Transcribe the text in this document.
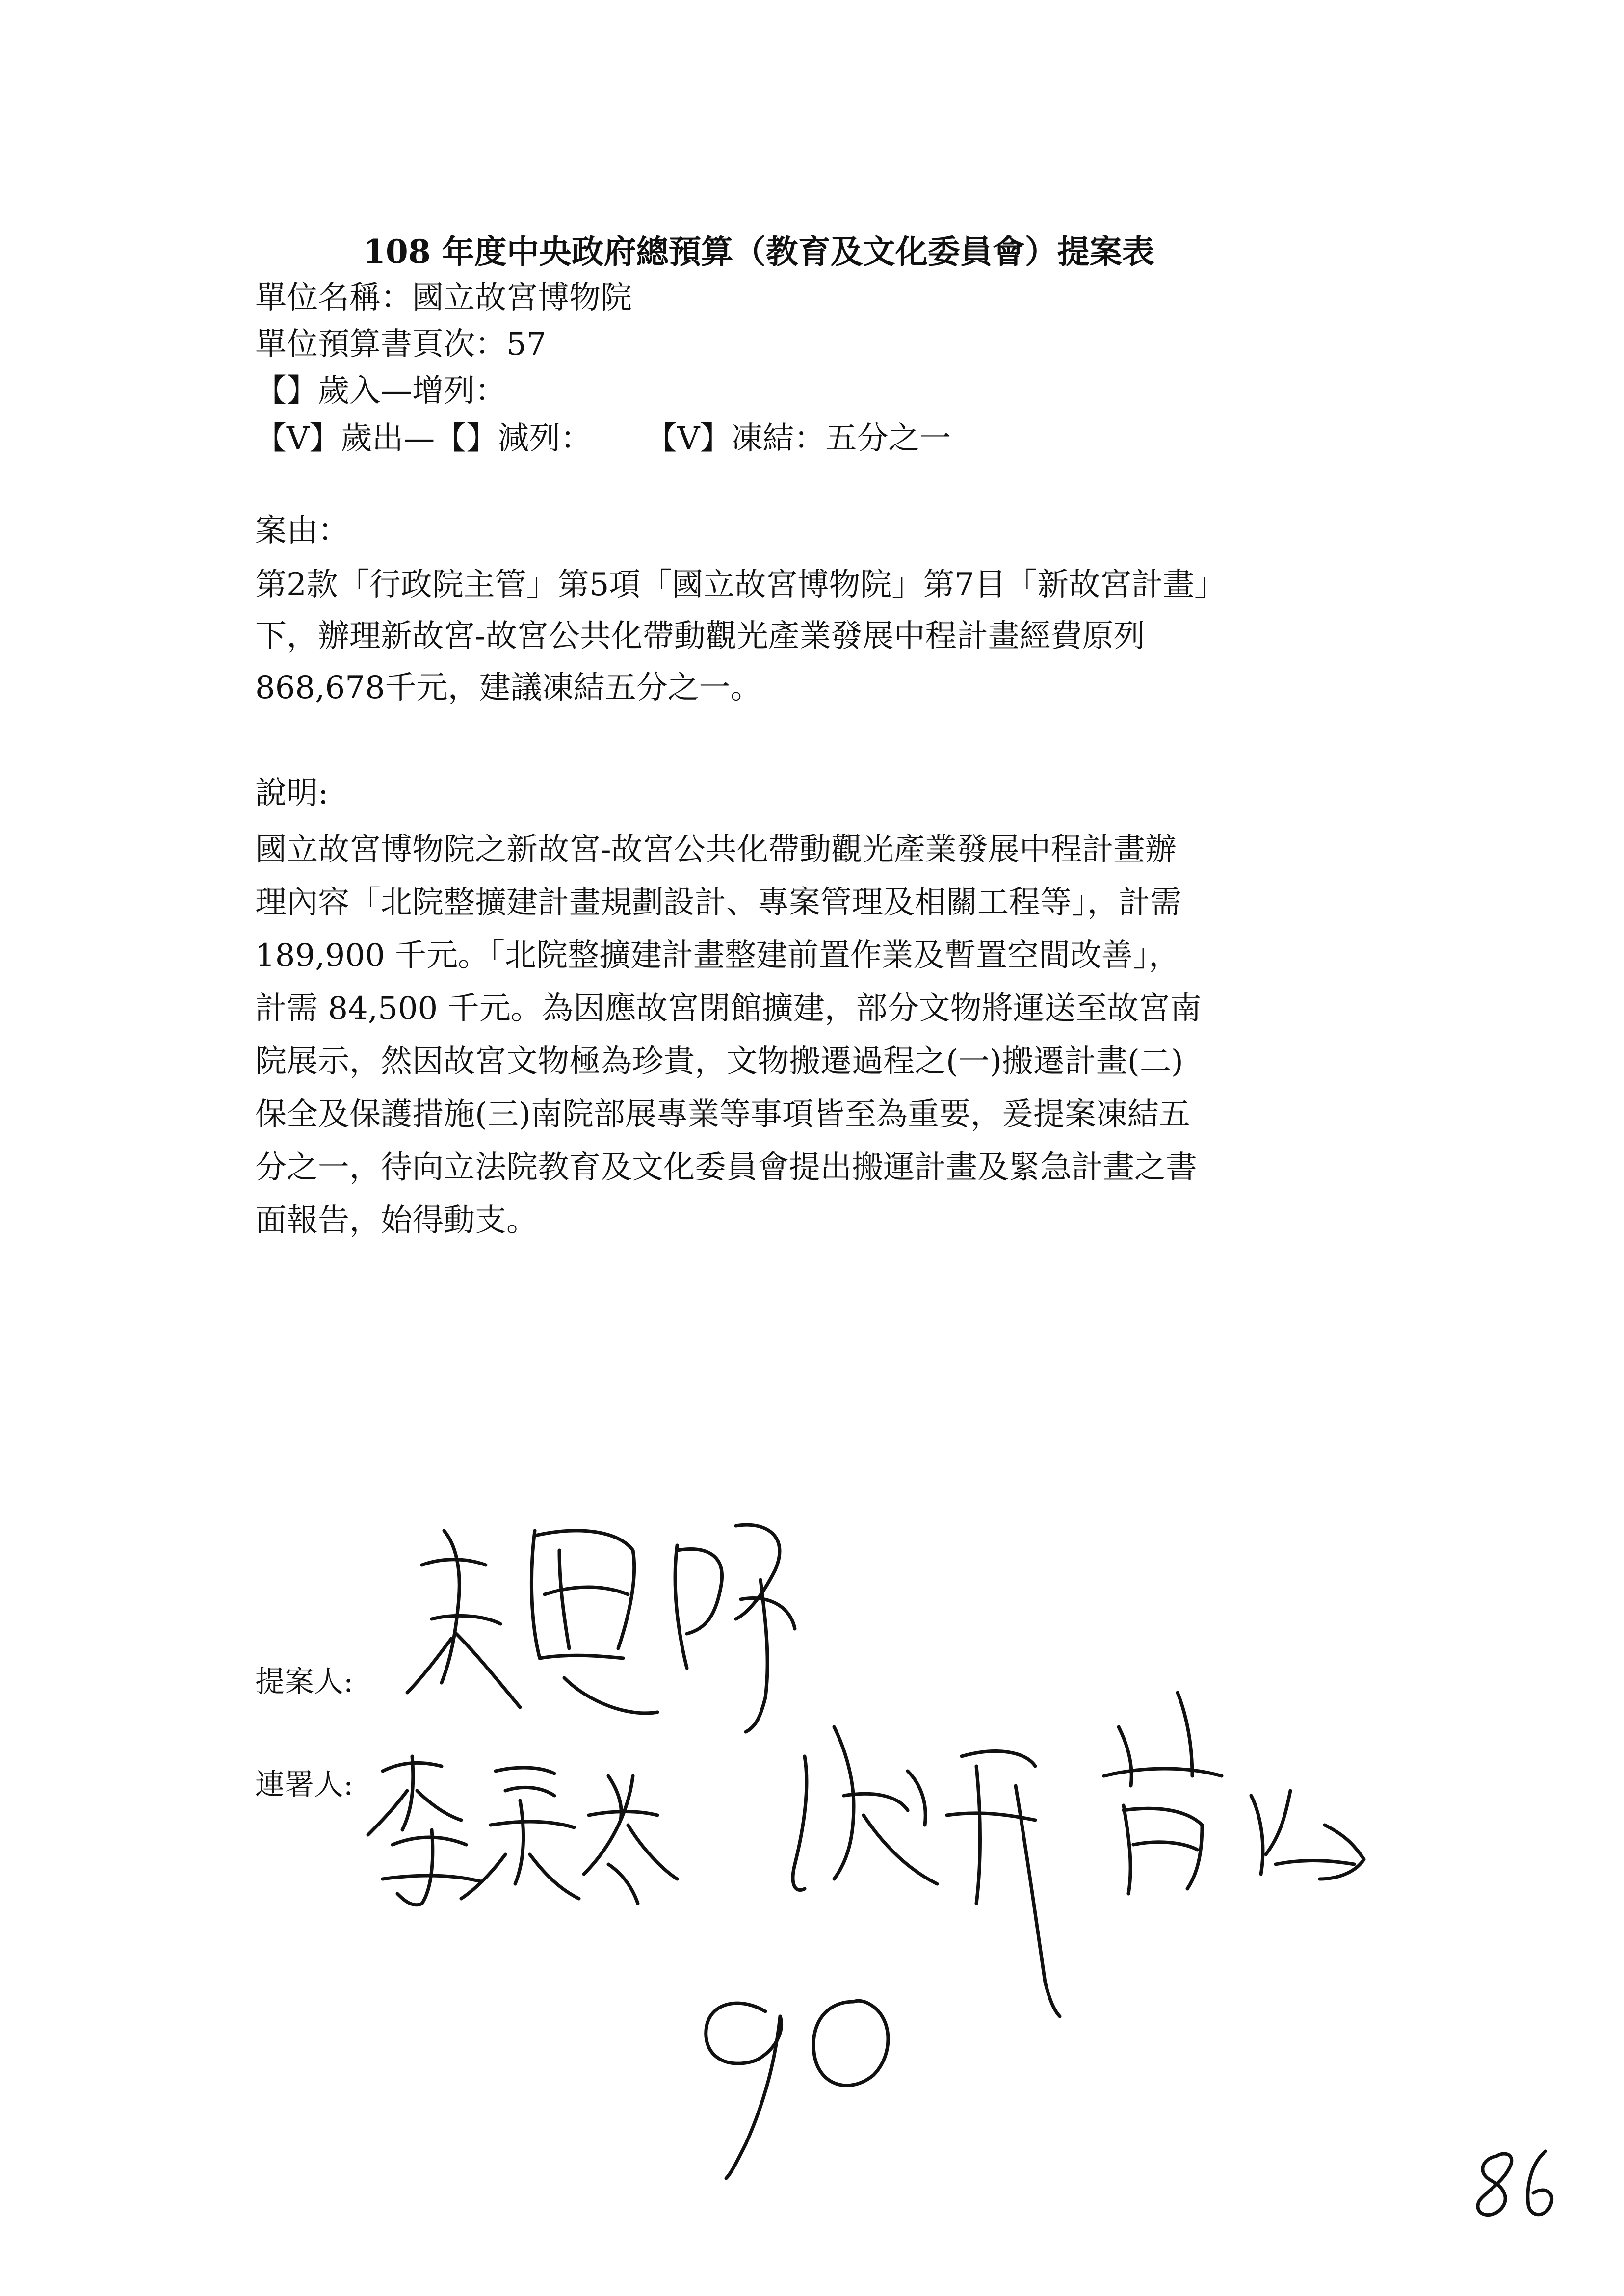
108 年度中央政府總預算（教育及文化委員會）提案表
單位名稱：國立故宮博物院
單位預算書頁次：57
【】歲入—增列：
【V】歲出—【】減列： 【V】凍結：五分之一
案由：
第2款「行政院主管」第5項「國立故宮博物院」第7目「新故宮計畫」
下，辦理新故宮-故宮公共化帶動觀光產業發展中程計畫經費原列
868,678千元，建議凍結五分之一。
說明:
國立故宮博物院之新故宮-故宮公共化帶動觀光產業發展中程計畫辦
理內容「北院整擴建計畫規劃設計、專案管理及相關工程等」，計需
189,900 千元。「北院整擴建計畫整建前置作業及暫置空間改善」，
計需 84,500 千元。為因應故宮閉館擴建，部分文物將運送至故宮南
院展示，然因故宮文物極為珍貴，文物搬遷過程之(一)搬遷計畫(二)
保全及保護措施(三)南院部展專業等事項皆至為重要，爰提案凍結五
分之一，待向立法院教育及文化委員會提出搬運計畫及緊急計畫之書
面報告，始得動支。
提案人:
連署人:
